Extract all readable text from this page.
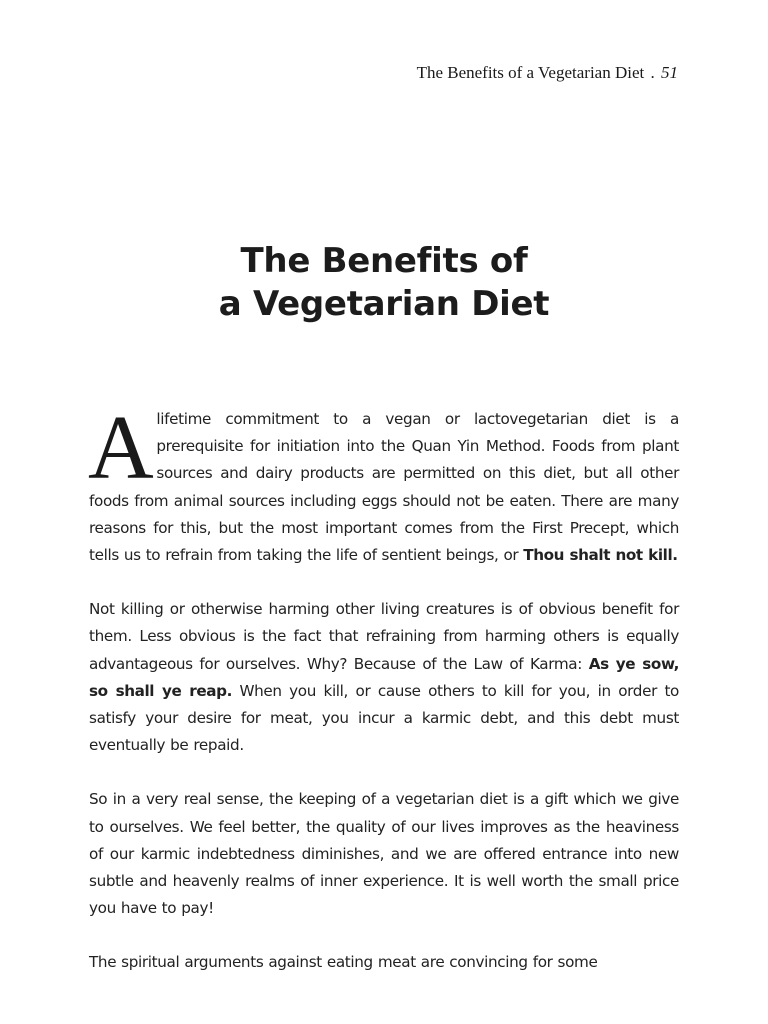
The Benefits of a Vegetarian Diet . 51
The Benefits of
a Vegetarian Diet

A lifetime commitment to a vegan or lactovegetarian diet is a prerequisite for initiation into the Quan Yin Method. Foods from plant sources and dairy products are permitted on this diet, but all other foods from animal sources including eggs should not be eaten. There are many reasons for this, but the most important comes from the First Precept, which tells us to refrain from taking the life of sentient beings, or Thou shalt not kill.

Not killing or otherwise harming other living creatures is of obvious benefit for them. Less obvious is the fact that refraining from harming others is equally advantageous for ourselves. Why? Because of the Law of Karma: As ye sow, so shall ye reap. When you kill, or cause others to kill for you, in order to satisfy your desire for meat, you incur a karmic debt, and this debt must eventually be repaid.

So in a very real sense, the keeping of a vegetarian diet is a gift which we give to ourselves. We feel better, the quality of our lives improves as the heaviness of our karmic indebtedness diminishes, and we are offered entrance into new subtle and heavenly realms of inner experience. It is well worth the small price you have to pay!

The spiritual arguments against eating meat are convincing for some
